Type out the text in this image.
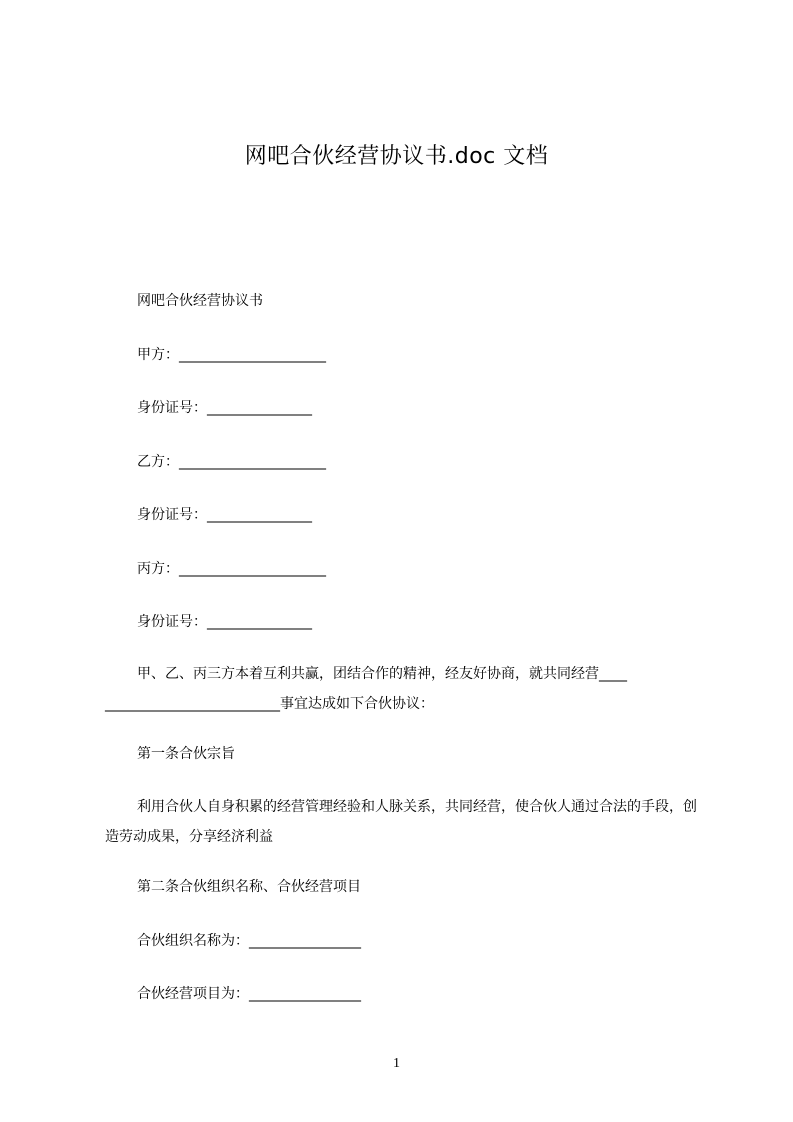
网吧合伙经营协议书.doc 文档
网吧合伙经营协议书
甲方：_____________________
身份证号：_______________
乙方：_____________________
身份证号：_______________
丙方：_____________________
身份证号：_______________
甲、乙、丙三方本着互利共赢，团结合作的精神，经友好协商，就共同经营____ _________________________事宜达成如下合伙协议：
第一条合伙宗旨
利用合伙人自身积累的经营管理经验和人脉关系，共同经营，使合伙人通过合法的手段，创造劳动成果，分享经济利益
第二条合伙组织名称、合伙经营项目
合伙组织名称为：________________
合伙经营项目为：________________
1
